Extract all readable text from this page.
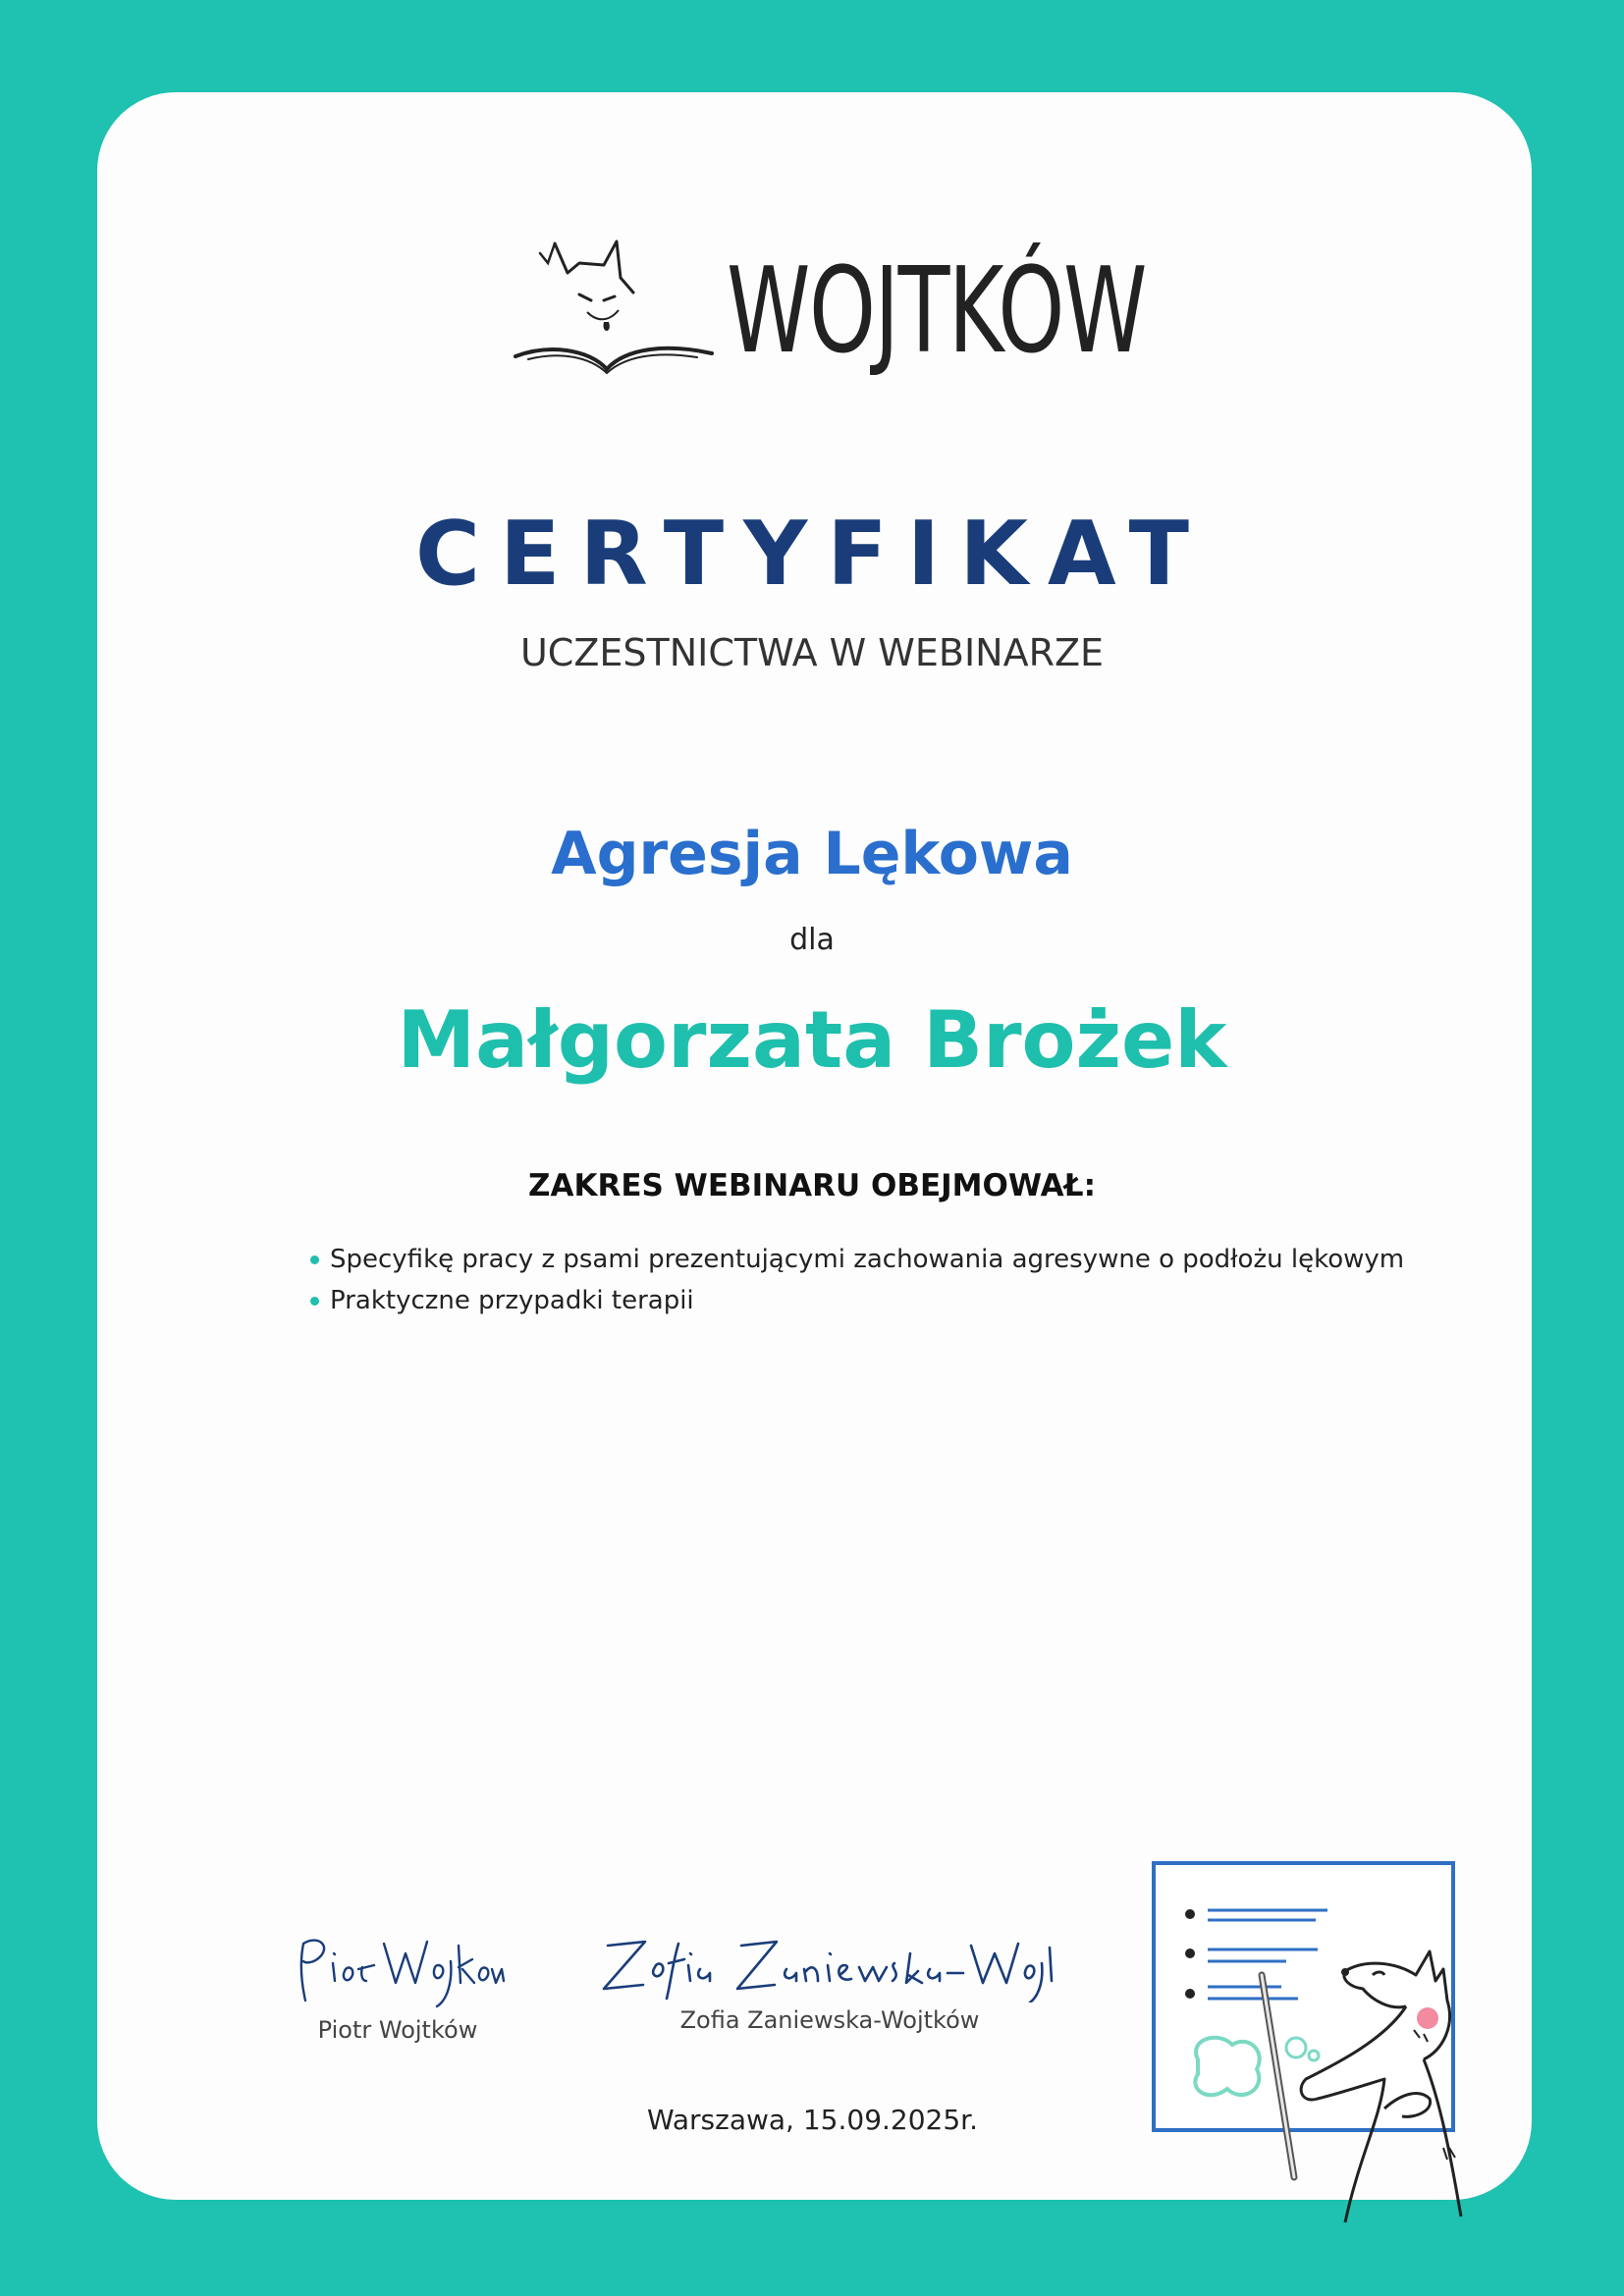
WOJTKÓW
CERTYFIKAT
UCZESTNICTWA W WEBINARZE
Agresja Lękowa
dla
Małgorzata Brożek
ZAKRES WEBINARU OBEJMOWAŁ:
Specyfikę pracy z psami prezentującymi zachowania agresywne o podłożu lękowym
Praktyczne przypadki terapii
Piotr Wojtków	Zofia Zaniewska-Wojtków
Warszawa, 15.09.2025r.
